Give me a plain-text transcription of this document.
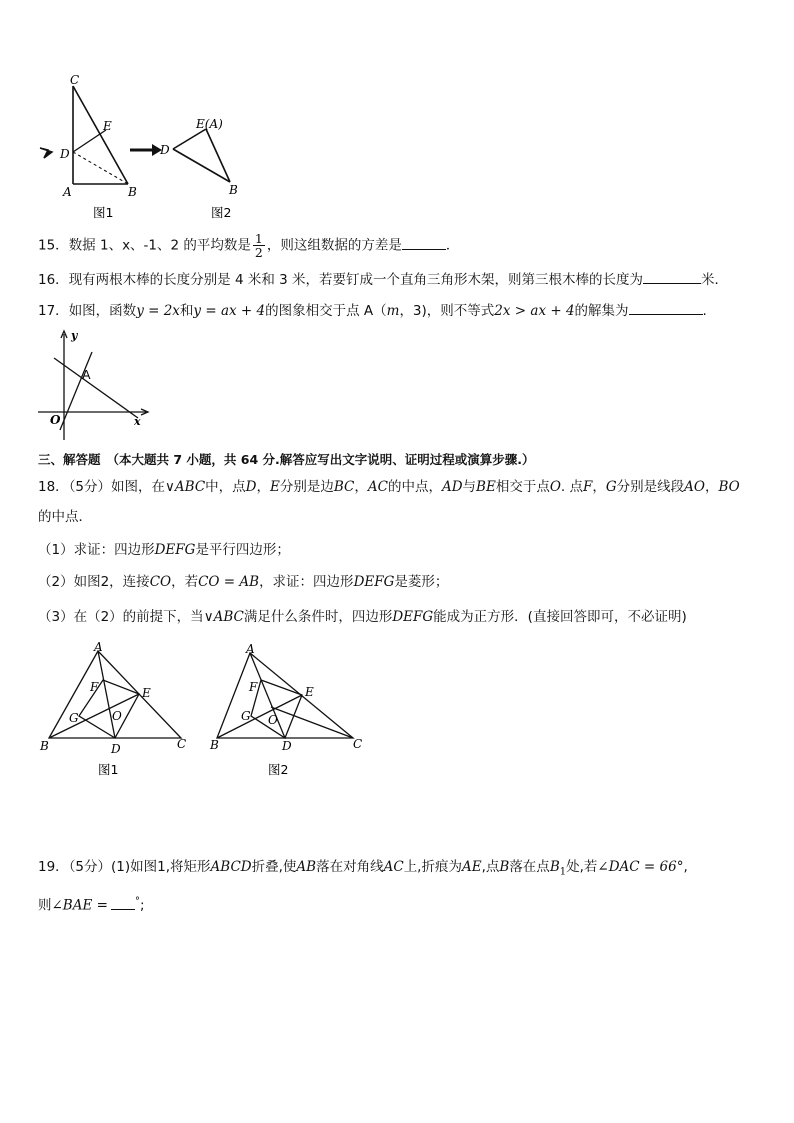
C
E
D
A	B
图1
E(A)
D
B
图2
15．数据 1、x、-1、2 的平均数是 $\frac{1}{2}$ ，则这组数据的方差是	．
16．现有两根木棒的长度分别是 4 米和 3 米，若要钉成一个直角三角形木架，则第三根木棒的长度为	米．
17．如图，函数y = 2x和y = ax + 4的图象相交于点 A（m，3)，则不等式2x > ax + 4的解集为	.
y
x
O
A
三、解答题 （本大题共 7 小题，共 64 分.解答应写出文字说明、证明过程或演算步骤.）
18．（5分）如图，在∨ABC中，点D，E分别是边BC，AC的中点，AD与BE相交于点O. 点F，G分别是线段AO，BO
的中点．
（1）求证：四边形DEFG是平行四边形；
（2）如图2，连接CO，若CO = AB，求证：四边形DEFG是菱形；
（3）在（2）的前提下，当∨ABC满足什么条件时，四边形DEFG能成为正方形．(直接回答即可，不必证明)
A
B	C
D
E
F
G	O
图1
A
B	C
D
E
F
G O
图2
19．（5分）(1)如图1,将矩形ABCD折叠,使AB落在对角线AC上,折痕为AE,点B落在点$B_1$处,若∠DAC = 66°,
则∠BAE =	°;
